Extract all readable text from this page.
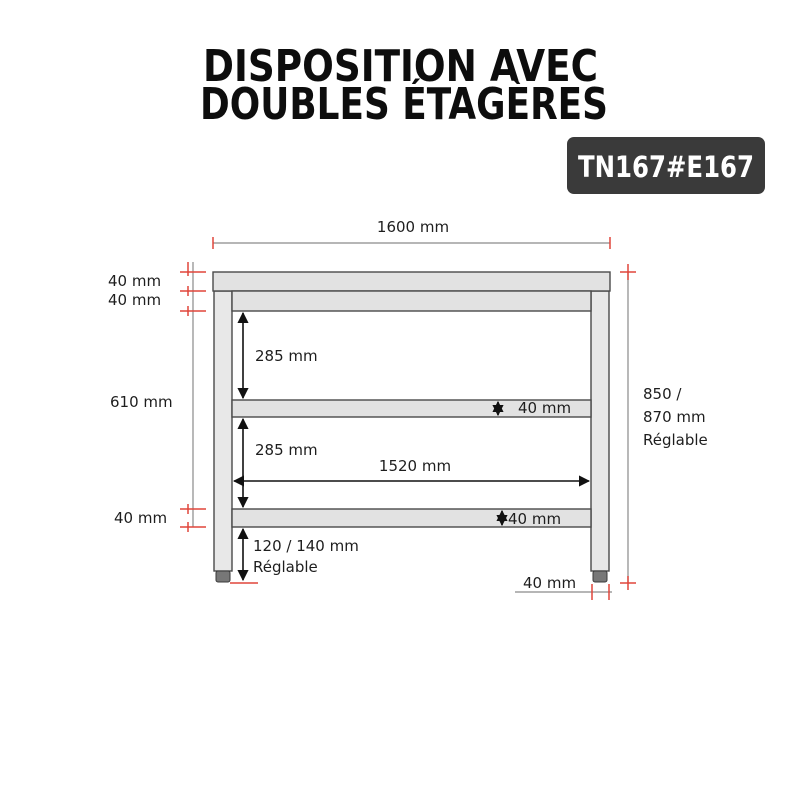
DISPOSITION AVEC
DOUBLES ÉTAGÈRES
TN167#E167
1600 mm
40 mm
40 mm
610 mm
40 mm
285 mm
285 mm
1520 mm
40 mm
40 mm
120 / 140 mm
Réglable
850 /
870 mm
Réglable
40 mm
